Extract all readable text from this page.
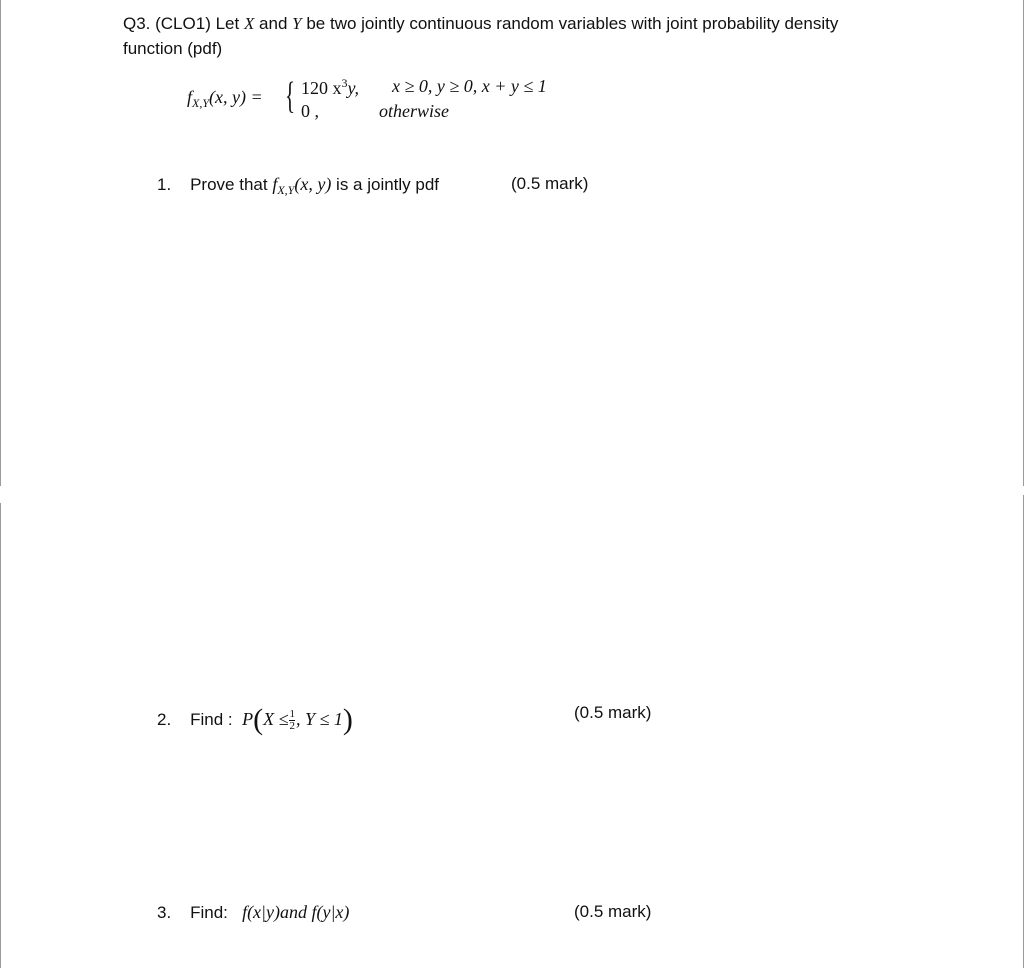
Q3. (CLO1) Let X and Y be two jointly continuous random variables with joint probability density
function (pdf)
$f_{X,Y}(x$, y) = { 120 $x^3y$, x ≥ 0, y ≥ 0, x + y ≤ 1
0 ,	otherwise
1. Prove that $f_{X,Y}(x$, y) is a jointly pdf	(0.5 mark)
2. Find : $P(X \le \frac{1}{2}$ , Y ≤ 1)	(0.5 mark)
3. Find: f(x|y)and f(y|x)	(0.5 mark)
